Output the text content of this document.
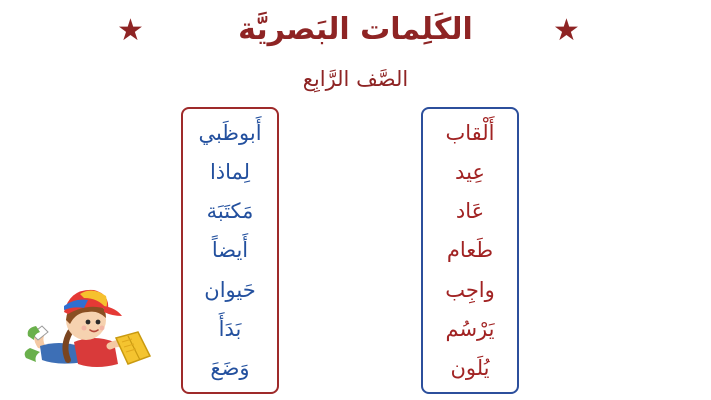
★	الكَلِمات البَصريَّة	★
الصَّف الرَّابِع
أَبوظَبي
لِماذا
مَكتَبَة
أَيضاً
حَيوان
بَدَأَ
وَضَعَ
أَلْقاب
عِيد
عَاد
طَعام
واجِب
يَرْسُم
يُلَون
